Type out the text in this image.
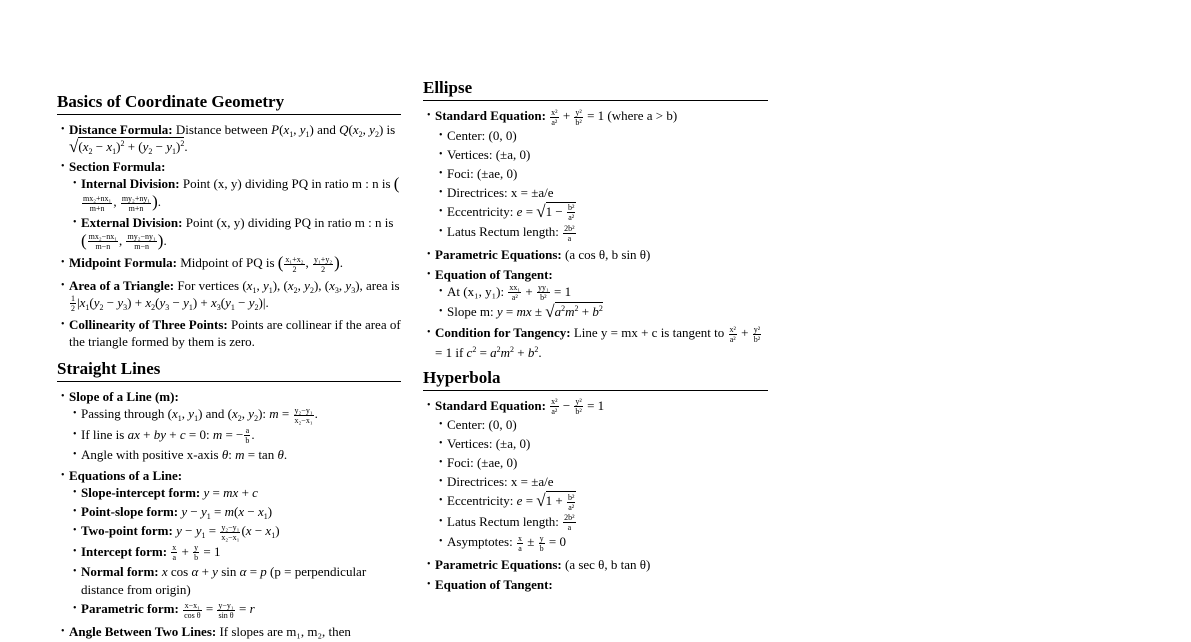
Basics of Coordinate Geometry
• Distance Formula: Distance between $P(x_1$, $y_1$) and $Q(x_2$, $y_2$) is $√(x_2 - x_1)^2 + (y_2 - y_1)^2$.
• Section Formula:
• Internal Division: Point (x, y) dividing PQ in ratio m : n is (
$\frac{\text{mx₂+nx₁}}{m+n}$ , $\frac{\text{my₂+ny₁}}{m+n}$ ).
• External Division: Point (x, y) dividing PQ in ratio m : n is ( $\frac{\text{mx₂−nx₁}}{m-n}$ , $\frac{\text{my₂−ny₁}}{m-n}$ ).
• Midpoint Formula: Midpoint of PQ is ( $\frac{\text{x₁+x₂}}{2}$ , $\frac{\text{y₁+y₂}}{2}$ ).
• Area of a Triangle: For vertices ($x_1$, $y_1$), ($x_2$, $y_2$), ($x_3$, $y_3$), area is
$\frac{1}{2} |x_1(y_2 - y_3) + x_2(y_3 - y_1) + x_3(y_1 - y_2)|$.
• Collinearity of Three Points: Points are collinear if the area of the triangle formed by them is zero.
Straight Lines
• Slope of a Line (m):
• Passing through ($x_1$, $y_1$) and ($x_2$, $y_2$): $m = \frac{\text{y₂−y₁}}{\text{x₂−x₁}}$ .
• If line is ax + by + c = 0: m = − $\frac{a}{b}$ .
• Angle with positive x-axis θ: m = tan θ.
• Equations of a Line:
• Slope-intercept form: y = mx + c
• Point-slope form: $y - y_1 = m(x - x_1)$
• Two-point form: $y - y_1 = \frac{\text{y₂−y₁}}{\text{x₂−x₁}} (x - x_1)$
• Intercept form: $\frac{x}{a} + \frac{y}{b} = 1$
• Normal form: x cos α + y sin α = p (p = perpendicular distance from origin)
• Parametric form: $\frac{\text{x−x₁}}{\text{cos θ}} = \frac{\text{y−y₁}}{\text{sin θ}} = r$
• Angle Between Two Lines: If slopes are m₁, m₂, then
Ellipse
• Standard Equation: $\frac{\text{x²}}{\text{a²}} + \frac{\text{y²}}{\text{b²}} = 1$ (where a > b)
• Center: (0, 0)
• Vertices: (±a, 0)
• Foci: (±ae, 0)
• Directrices: x = ±a/e
• Eccentricity: $e = √1 - \frac{\text{b²}}{\text{a²}}$
• Latus Rectum length: $\frac{\text{2b²}}{a}$
• Parametric Equations: (a cos θ, b sin θ)
• Equation of Tangent:
• At (x₁, y₁): $\frac{\text{xx₁}}{\text{a²}} + \frac{\text{yy₁}}{\text{b²}} = 1$
• Slope m: y = mx ± $√a^2m^2 + b^2$
• Condition for Tangency: Line y = mx + c is tangent to $\frac{\text{x²}}{\text{a²}} + \frac{\text{y²}}{\text{b²}}$
= 1 if $c^2 = a^2m^2 + b^2$.
Hyperbola
• Standard Equation: $\frac{\text{x²}}{\text{a²}} - \frac{\text{y²}}{\text{b²}} = 1$
• Center: (0, 0)
• Vertices: (±a, 0)
• Foci: (±ae, 0)
• Directrices: x = ±a/e
• Eccentricity: $e = √1 + \frac{\text{b²}}{\text{a²}}$
• Latus Rectum length: $\frac{\text{2b²}}{a}$
• Asymptotes: $\frac{x}{a} \pm \frac{y}{b} = 0$
• Parametric Equations: (a sec θ, b tan θ)
• Equation of Tangent:
